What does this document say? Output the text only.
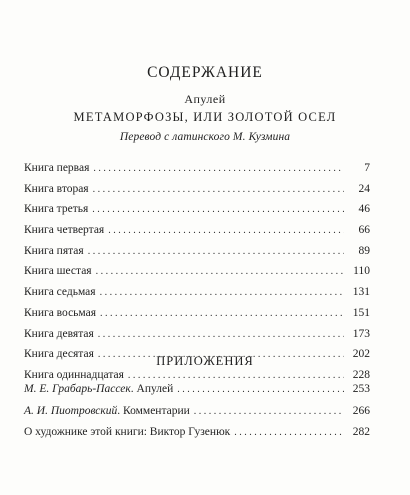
СОДЕРЖАНИЕ
Апулей
МЕТАМОРФОЗЫ, ИЛИ ЗОЛОТОЙ ОСЕЛ
Перевод с латинского М. Кузмина
Книга первая . . .	7
Книга вторая . . .	24
Книга третья . . .	46
Книга четвертая . . .	66
Книга пятая . . .	89
Книга шестая . . .	110
Книга седьмая . . .	131
Книга восьмая . . .	151
Книга девятая . . .	173
Книга десятая . . .	202
Книга одиннадцатая . . .	228
ПРИЛОЖЕНИЯ
М. Е. Грабарь-Пассек. Апулей . . .	253
А. И. Пиотровский. Комментарии . . .	266
О художнике этой книги: Виктор Гузенюк . . .	282
